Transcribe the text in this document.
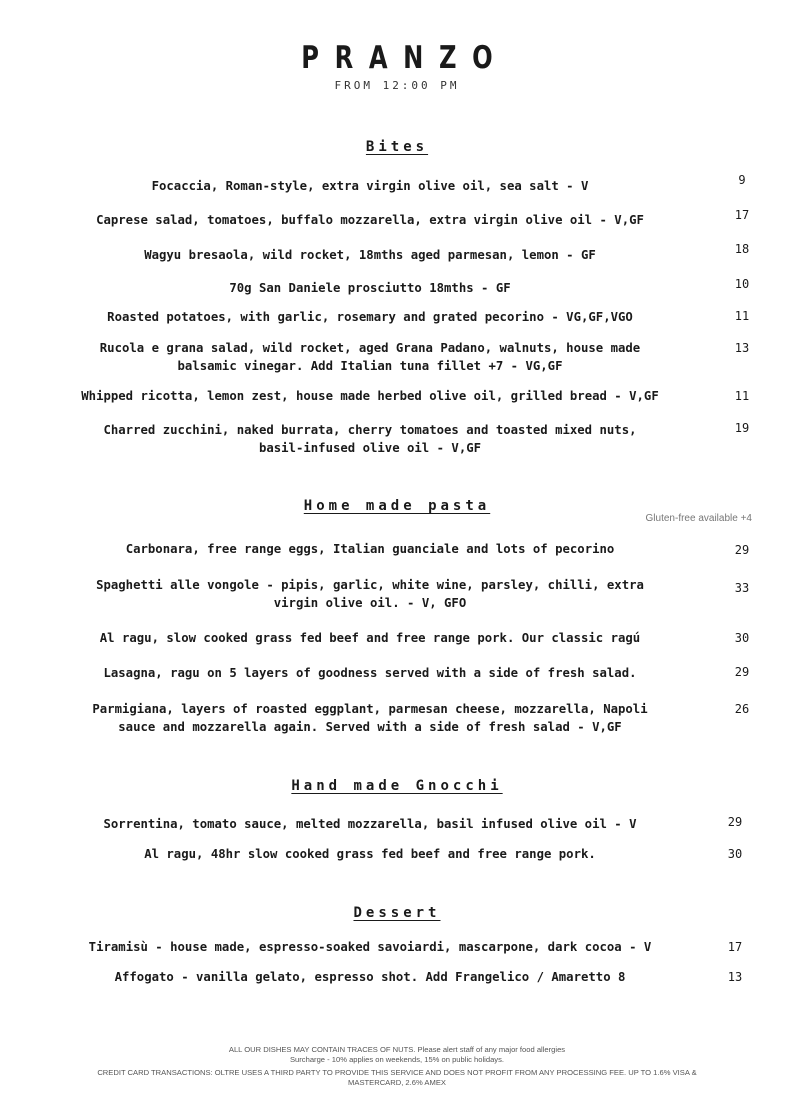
PRANZO
FROM 12:00 PM
Bites
Focaccia, Roman-style, extra virgin olive oil, sea salt - V	9
Caprese salad, tomatoes, buffalo mozzarella, extra virgin olive oil - V,GF	17
Wagyu bresaola, wild rocket, 18mths aged parmesan, lemon - GF	18
70g San Daniele prosciutto 18mths - GF	10
Roasted potatoes, with garlic, rosemary and grated pecorino - VG,GF,VGO	11
Rucola e grana salad, wild rocket, aged Grana Padano, walnuts, house made
balsamic vinegar. Add Italian tuna fillet +7 - VG,GF
13
Whipped ricotta, lemon zest, house made herbed olive oil, grilled bread - V,GF	11
Charred zucchini, naked burrata, cherry tomatoes and toasted mixed nuts,
basil-infused olive oil - V,GF
19
Home made pasta
Gluten-free available +4
Carbonara, free range eggs, Italian guanciale and lots of pecorino	29
Spaghetti alle vongole - pipis, garlic, white wine, parsley, chilli, extra
virgin olive oil. - V, GFO
33
Al ragu, slow cooked grass fed beef and free range pork. Our classic ragú	30
Lasagna, ragu on 5 layers of goodness served with a side of fresh salad.	29
Parmigiana, layers of roasted eggplant, parmesan cheese, mozzarella, Napoli
sauce and mozzarella again. Served with a side of fresh salad - V,GF
26
Hand made Gnocchi
Sorrentina, tomato sauce, melted mozzarella, basil infused olive oil - V	29
Al ragu, 48hr slow cooked grass fed beef and free range pork.	30
Dessert
Tiramisù - house made, espresso-soaked savoiardi, mascarpone, dark cocoa - V	17
Affogato - vanilla gelato, espresso shot. Add Frangelico / Amaretto 8	13
ALL OUR DISHES MAY CONTAIN TRACES OF NUTS. Please alert staff of any major food allergies
Surcharge - 10% applies on weekends, 15% on public holidays.
CREDIT CARD TRANSACTIONS: OLTRE USES A THIRD PARTY TO PROVIDE THIS SERVICE AND DOES NOT PROFIT FROM ANY PROCESSING FEE. UP TO 1.6% VISA &
MASTERCARD, 2.6% AMEX
